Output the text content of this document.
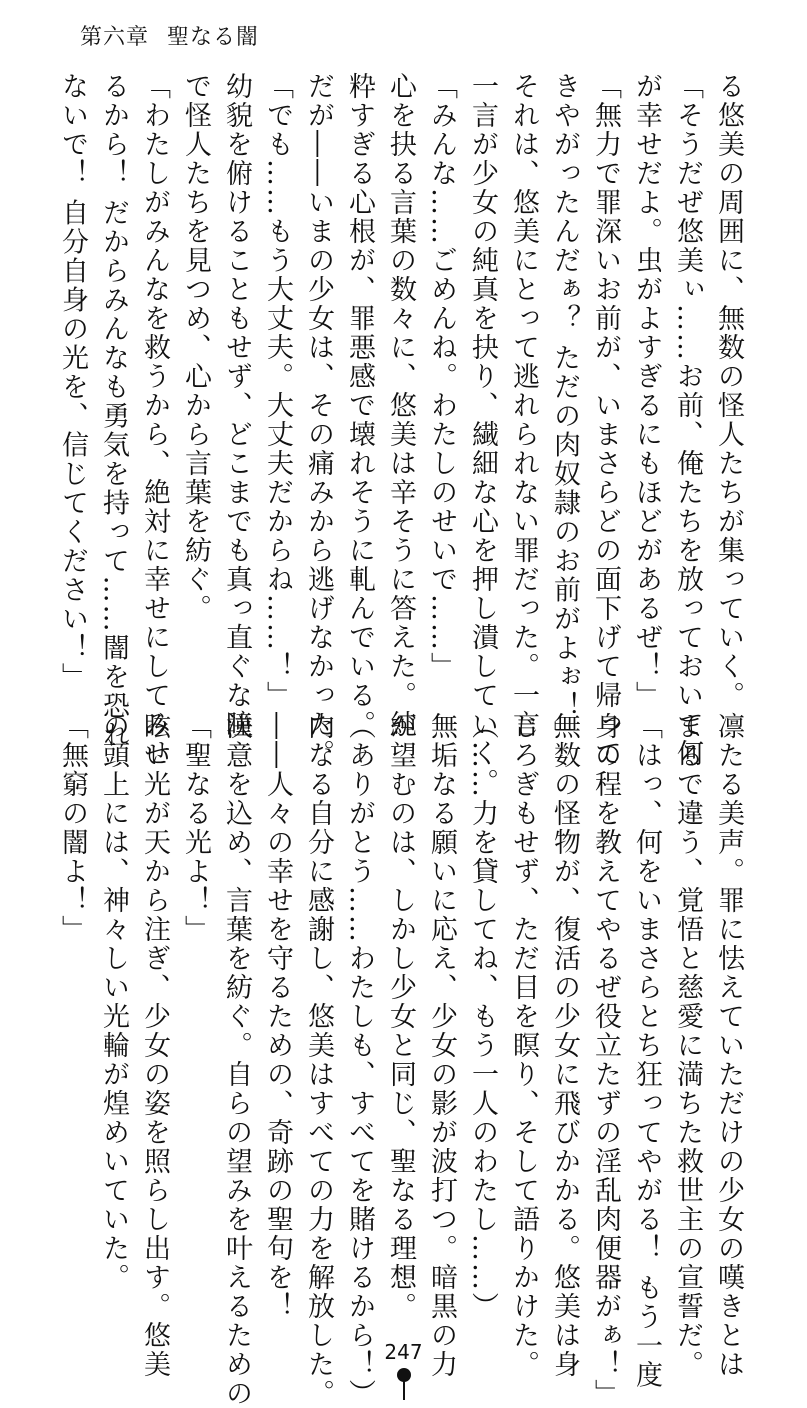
第六章 聖なる闇
る悠美の周囲に、無数の怪人たちが集っていく。
「そうだぜ悠美ぃ……お前、俺たちを放っておいて何
が幸せだよ。虫がよすぎるにもほどがあるぜ！」
「無力で罪深いお前が、いまさらどの面下げて帰って
きやがったんだぁ？ ただの肉奴隷のお前がよぉ！」
それは、悠美にとって逃れられない罪だった。一言
一言が少女の純真を抉り、繊細な心を押し潰していく。
「みんな……ごめんね。わたしのせいで……」
心を抉る言葉の数々に、悠美は辛そうに答えた。純
粋すぎる心根が、罪悪感で壊れそうに軋んでいる。
だが――いまの少女は、その痛みから逃げなかった。
「でも……もう大丈夫。大丈夫だからね……！」
幼貌を俯けることもせず、どこまでも真っ直ぐな瞳
で怪人たちを見つめ、心から言葉を紡ぐ。
「わたしがみんなを救うから、絶対に幸せにしてみせ
るから！ だからみんなも勇気を持って……闇を恐れ
ないで！ 自分自身の光を、信じてください！」
凛たる美声。罪に怯えていただけの少女の嘆きとは
まるで違う、覚悟と慈愛に満ちた救世主の宣誓だ。
「はっ、何をいまさらとち狂ってやがる！ もう一度
身の程を教えてやるぜ役立たずの淫乱肉便器がぁ！」
無数の怪物が、復活の少女に飛びかかる。悠美は身
じろぎもせず、ただ目を瞑り、そして語りかけた。
（……力を貸してね、もう一人のわたし……）
無垢なる願いに応え、少女の影が波打つ。暗黒の力
が望むのは、しかし少女と同じ、聖なる理想。
（ありがとう……わたしも、すべてを賭けるから！）
内なる自分に感謝し、悠美はすべての力を解放した。
――人々の幸せを守るための、奇跡の聖句を！
決意を込め、言葉を紡ぐ。自らの望みを叶えるための
「聖なる光よ！」
眩い光が天から注ぎ、少女の姿を照らし出す。悠美
の頭上には、神々しい光輪が煌めいていた。
「無窮の闇よ！」
247
